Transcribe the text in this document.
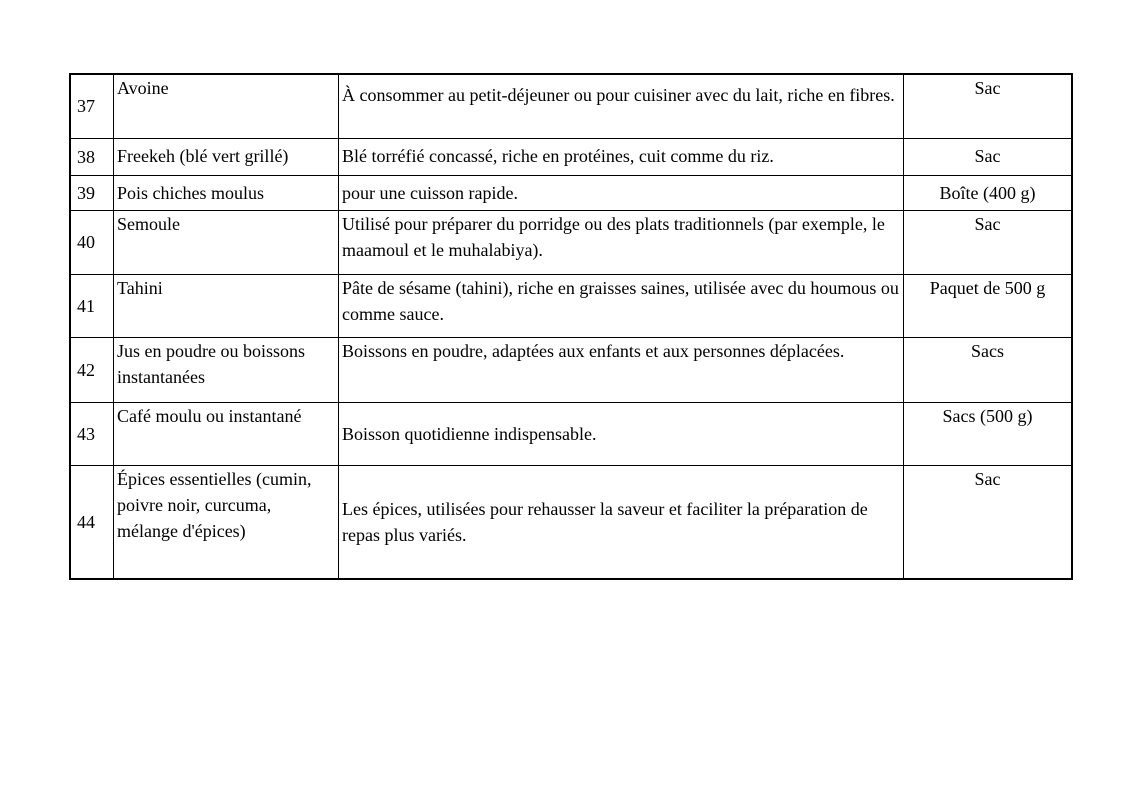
37	Avoine	À consommer au petit-déjeuner ou pour cuisiner avec du lait, riche en fibres.	Sac
38	Freekeh (blé vert grillé)	Blé torréfié concassé, riche en protéines, cuit comme du riz.	Sac
39	Pois chiches moulus	pour une cuisson rapide.	Boîte (400 g)
40	Semoule	Utilisé pour préparer du porridge ou des plats traditionnels (par exemple, le maamoul et le muhalabiya).	Sac
41	Tahini	Pâte de sésame (tahini), riche en graisses saines, utilisée avec du houmous ou comme sauce.	Paquet de 500 g
42	Jus en poudre ou boissons instantanées	Boissons en poudre, adaptées aux enfants et aux personnes déplacées.	Sacs
43	Café moulu ou instantané	Boisson quotidienne indispensable.	Sacs (500 g)
44	Épices essentielles (cumin, poivre noir, curcuma, mélange d'épices)	Les épices, utilisées pour rehausser la saveur et faciliter la préparation de repas plus variés.	Sac
